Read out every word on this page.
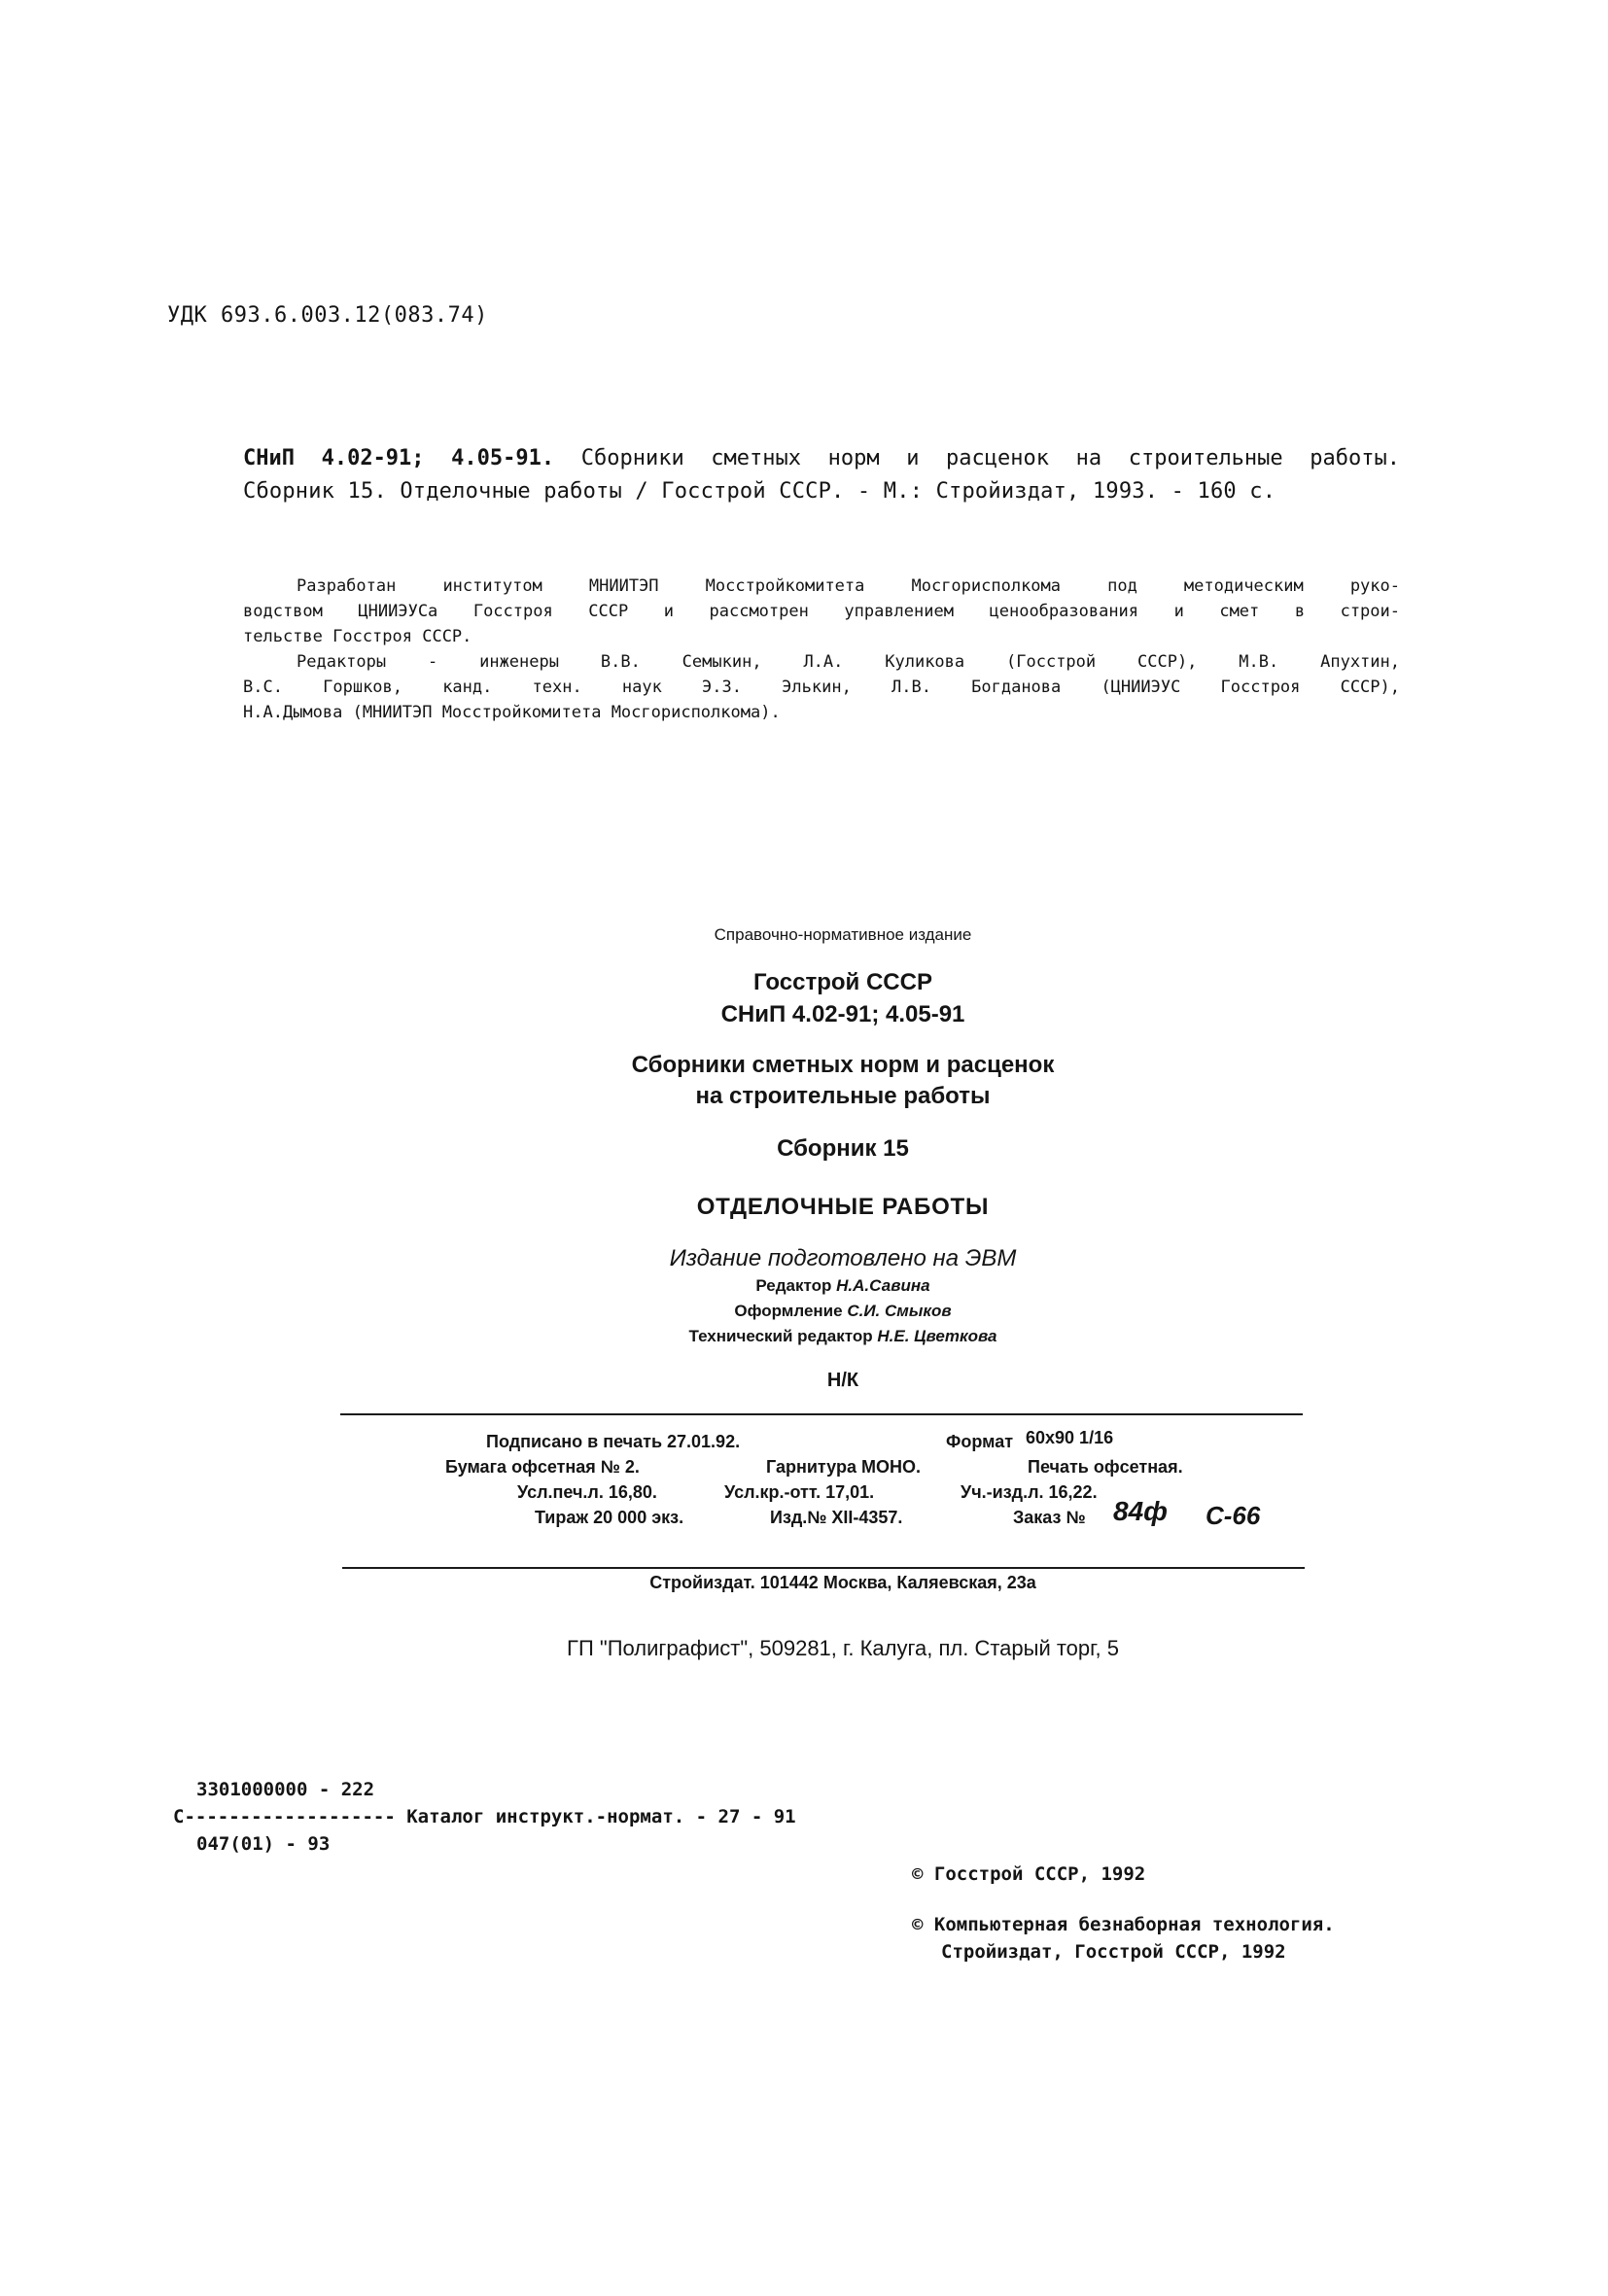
УДК 693.6.003.12(083.74)

СНиП 4.02-91; 4.05-91. Сборники сметных норм и расценок на строительные работы.

Сборник 15. Отделочные работы / Госстрой СССР. - М.: Стройиздат, 1993. - 160 с.

Разработан институтом МНИИТЭП Мосстройкомитета Мосгорисполкома под методическим руко-
водством ЦНИИЭУСа Госстроя СССР и рассмотрен управлением ценообразования и смет в строи-
тельстве Госстроя СССР.
Редакторы - инженеры В.В. Семыкин, Л.А. Куликова (Госстрой СССР), М.В. Апухтин,
В.С. Горшков, канд. техн. наук Э.З. Элькин, Л.В. Богданова (ЦНИИЭУС Госстроя СССР),
Н.А.Дымова (МНИИТЭП Мосстройкомитета Мосгорисполкома).
Справочно-нормативное издание
Госстрой СССР
СНиП 4.02-91; 4.05-91
Сборники сметных норм и расценок
на строительные работы
Сборник 15
ОТДЕЛОЧНЫЕ РАБОТЫ
Издание подготовлено на ЭВМ
Редактор Н.А.Савина
Оформление С.И. Смыков
Технический редактор Н.Е. Цветкова
Н/К
Подписано в печать 27.01.92.	Формат 60х90 1/16
Бумага офсетная № 2.	Гарнитура МОНО.	Печать офсетная.
Усл.печ.л. 16,80.	Усл.кр.-отт. 17,01.	Уч.-изд.л. 16,22.
Тираж 20 000 экз.	Изд.№ XII-4357.	Заказ № 84ф С-66

Стройиздат. 101442 Москва, Каляевская, 23а

ГП "Полиграфист", 509281, г. Калуга, пл. Старый торг, 5

3301000000 - 222
С------------------- Каталог инструкт.-нормат. - 27 - 91
047(01) - 93
© Госстрой СССР, 1992
© Компьютерная безнаборная технология.
Стройиздат, Госстрой СССР, 1992
